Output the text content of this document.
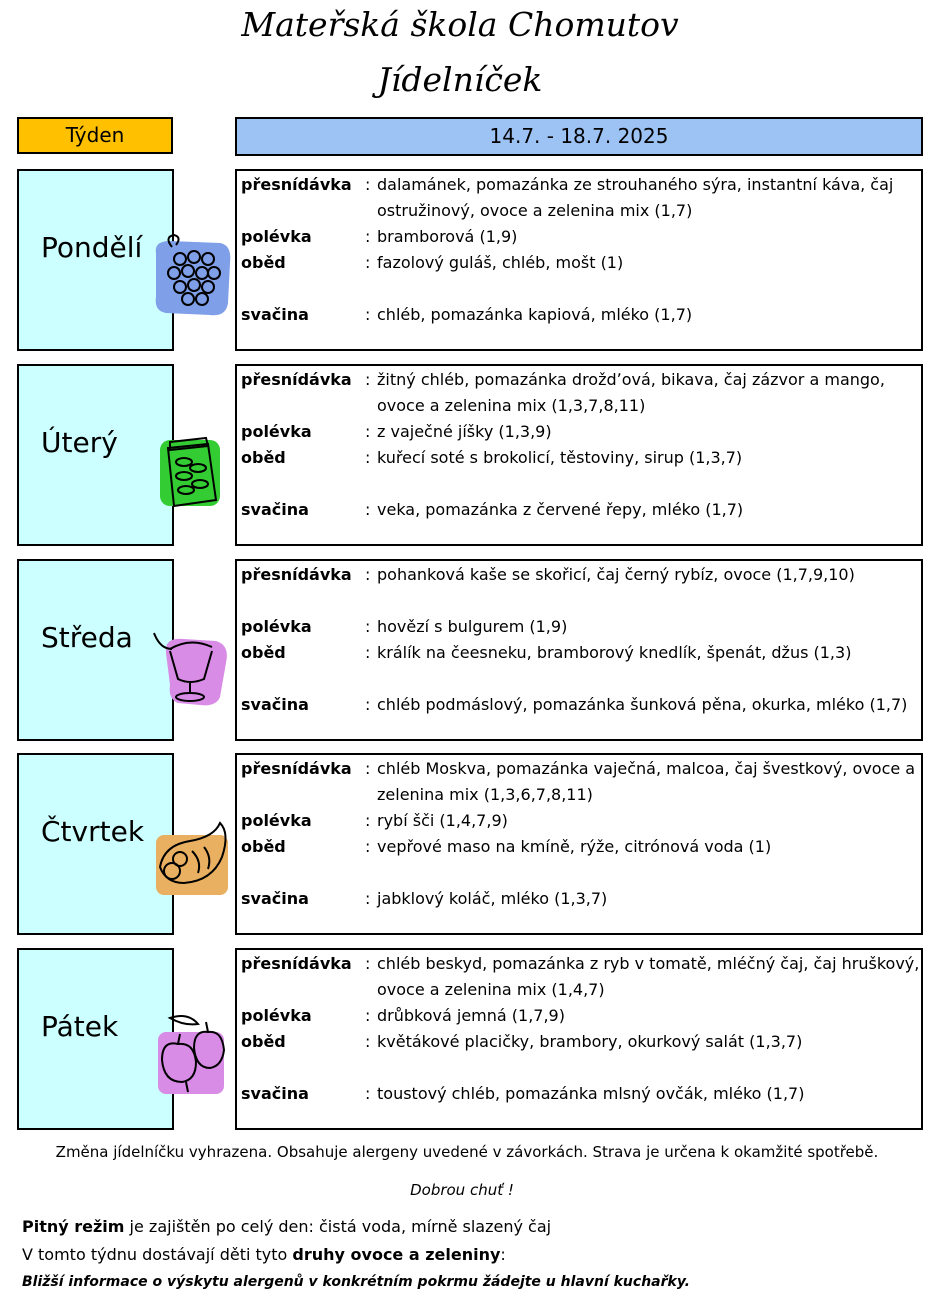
Mateřská škola Chomutov
Jídelníček
Týden	14.7. - 18.7. 2025
Pondělí
přesnídávka : dalamánek, pomazánka ze strouhaného sýra, instantní káva, čaj ostružinový, ovoce a zelenina mix (1,7)
polévka	: bramborová (1,9)
oběd	: fazolový guláš, chléb, mošt (1)
svačina	: chléb, pomazánka kapiová, mléko (1,7)
Úterý
přesnídávka : žitný chléb, pomazánka droždʼová, bikava, čaj zázvor a mango, ovoce a zelenina mix (1,3,7,8,11)
polévka	: z vaječné jíšky (1,3,9)
oběd	: kuřecí soté s brokolicí, těstoviny, sirup (1,3,7)
svačina	: veka, pomazánka z červené řepy, mléko (1,7)
Středa
přesnídávka : pohanková kaše se skořicí, čaj černý rybíz, ovoce (1,7,9,10)
polévka	: hovězí s bulgurem (1,9)
oběd	: králík na čeesneku, bramborový knedlík, špenát, džus (1,3)
svačina	: chléb podmáslový, pomazánka šunková pěna, okurka, mléko (1,7)
Čtvrtek
přesnídávka : chléb Moskva, pomazánka vaječná, malcoa, čaj švestkový, ovoce a zelenina mix (1,3,6,7,8,11)
polévka	: rybí šči (1,4,7,9)
oběd	: vepřové maso na kmíně, rýže, citrónová voda (1)
svačina	: jabklový koláč, mléko (1,3,7)
Pátek
přesnídávka : chléb beskyd, pomazánka z ryb v tomatě, mléčný čaj, čaj hruškový, ovoce a zelenina mix (1,4,7)
polévka	: drůbková jemná (1,7,9)
oběd	: květákové placičky, brambory, okurkový salát (1,3,7)
svačina	: toustový chléb, pomazánka mlsný ovčák, mléko (1,7)
Změna jídelníčku vyhrazena. Obsahuje alergeny uvedené v závorkách. Strava je určena k okamžité spotřebě.
Dobrou chuť !
Pitný režim je zajištěn po celý den: čistá voda, mírně slazený čaj
V tomto týdnu dostávají děti tyto druhy ovoce a zeleniny:
Bližší informace o výskytu alergenů v konkrétním pokrmu žádejte u hlavní kuchařky.
